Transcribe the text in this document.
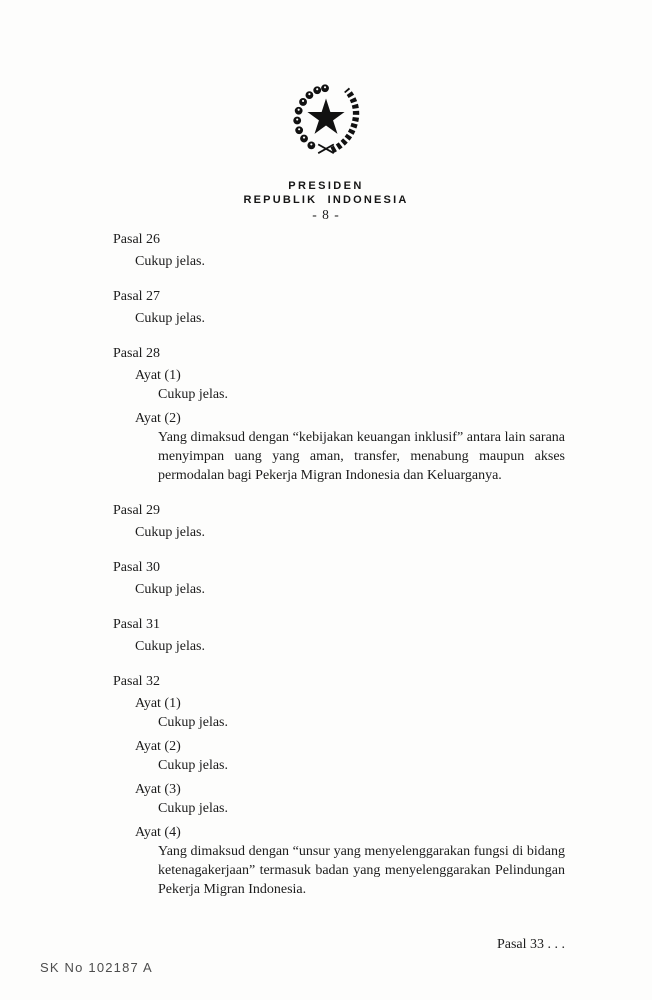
PRESIDEN
REPUBLIK INDONESIA
- 8 -
Pasal 26
Cukup jelas.
Pasal 27
Cukup jelas.
Pasal 28
Ayat (1)
Cukup jelas.
Ayat (2)
Yang dimaksud dengan “kebijakan keuangan inklusif” antara lain sarana menyimpan uang yang aman, transfer, menabung maupun akses permodalan bagi Pekerja Migran Indonesia dan Keluarganya.
Pasal 29
Cukup jelas.
Pasal 30
Cukup jelas.
Pasal 31
Cukup jelas.
Pasal 32
Ayat (1)
Cukup jelas.
Ayat (2)
Cukup jelas.
Ayat (3)
Cukup jelas.
Ayat (4)
Yang dimaksud dengan “unsur yang menyelenggarakan fungsi di bidang ketenagakerjaan” termasuk badan yang menyelenggarakan Pelindungan Pekerja Migran Indonesia.
Pasal 33 . . .
SK No 102187 A
